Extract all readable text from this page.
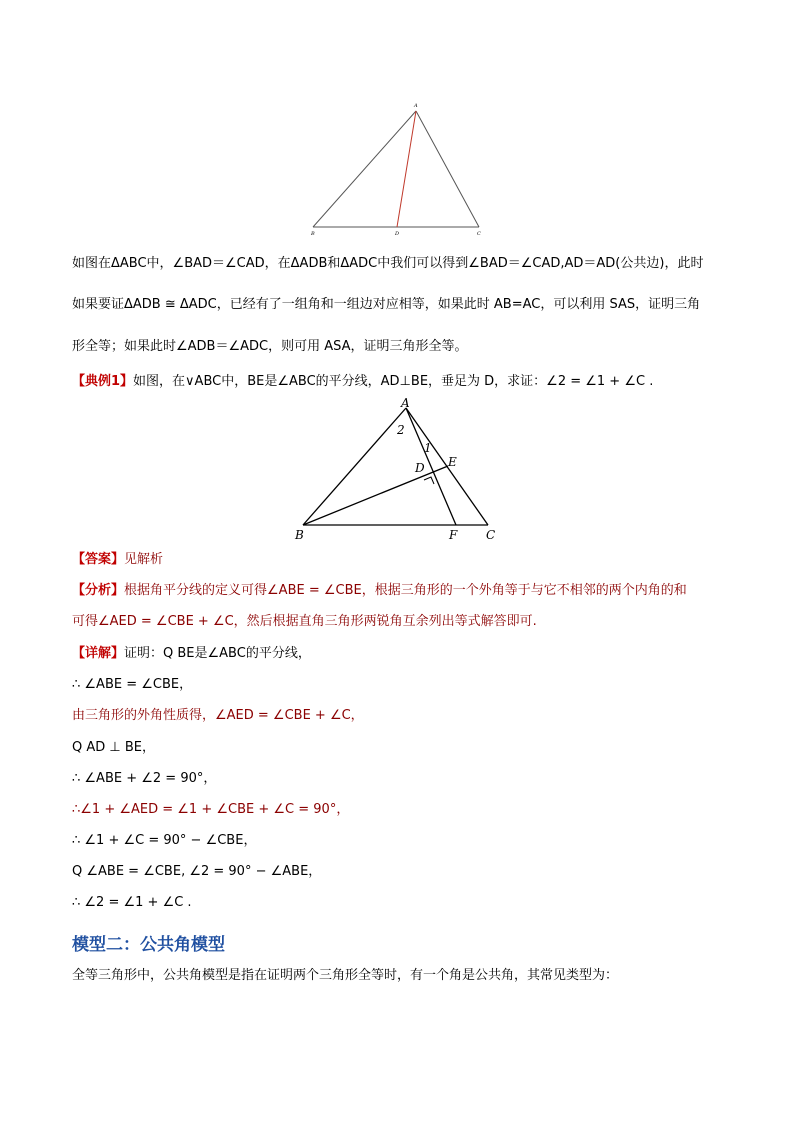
A
B	D	C
如图在ΔABC中，∠BAD＝∠CAD，在ΔADB和ΔADC中我们可以得到∠BAD＝∠CAD,AD＝AD(公共边)，此时
如果要证ΔADB ≅ ΔADC，已经有了一组角和一组边对应相等，如果此时 AB=AC，可以利用 SAS，证明三角
形全等；如果此时∠ADB＝∠ADC，则可用 ASA，证明三角形全等。
【典例1】如图，在∨ABC中，BE是∠ABC的平分线，AD⊥BE，垂足为 D，求证：∠2 = ∠1 + ∠C .
A
2
1
D E
B	F C
【答案】见解析
【分析】根据角平分线的定义可得∠ABE = ∠CBE，根据三角形的一个外角等于与它不相邻的两个内角的和
可得∠AED = ∠CBE + ∠C，然后根据直角三角形两锐角互余列出等式解答即可.
【详解】证明：Q BE是∠ABC的平分线，
∴ ∠ABE = ∠CBE，
由三角形的外角性质得，∠AED = ∠CBE + ∠C，
Q AD ⊥ BE，
∴ ∠ABE + ∠2 = 90°，
∴∠1 + ∠AED = ∠1 + ∠CBE + ∠C = 90°，
∴ ∠1 + ∠C = 90° − ∠CBE，
Q ∠ABE = ∠CBE, ∠2 = 90° − ∠ABE，
∴ ∠2 = ∠1 + ∠C .
模型二：公共角模型
全等三角形中，公共角模型是指在证明两个三角形全等时，有一个角是公共角，其常见类型为：
